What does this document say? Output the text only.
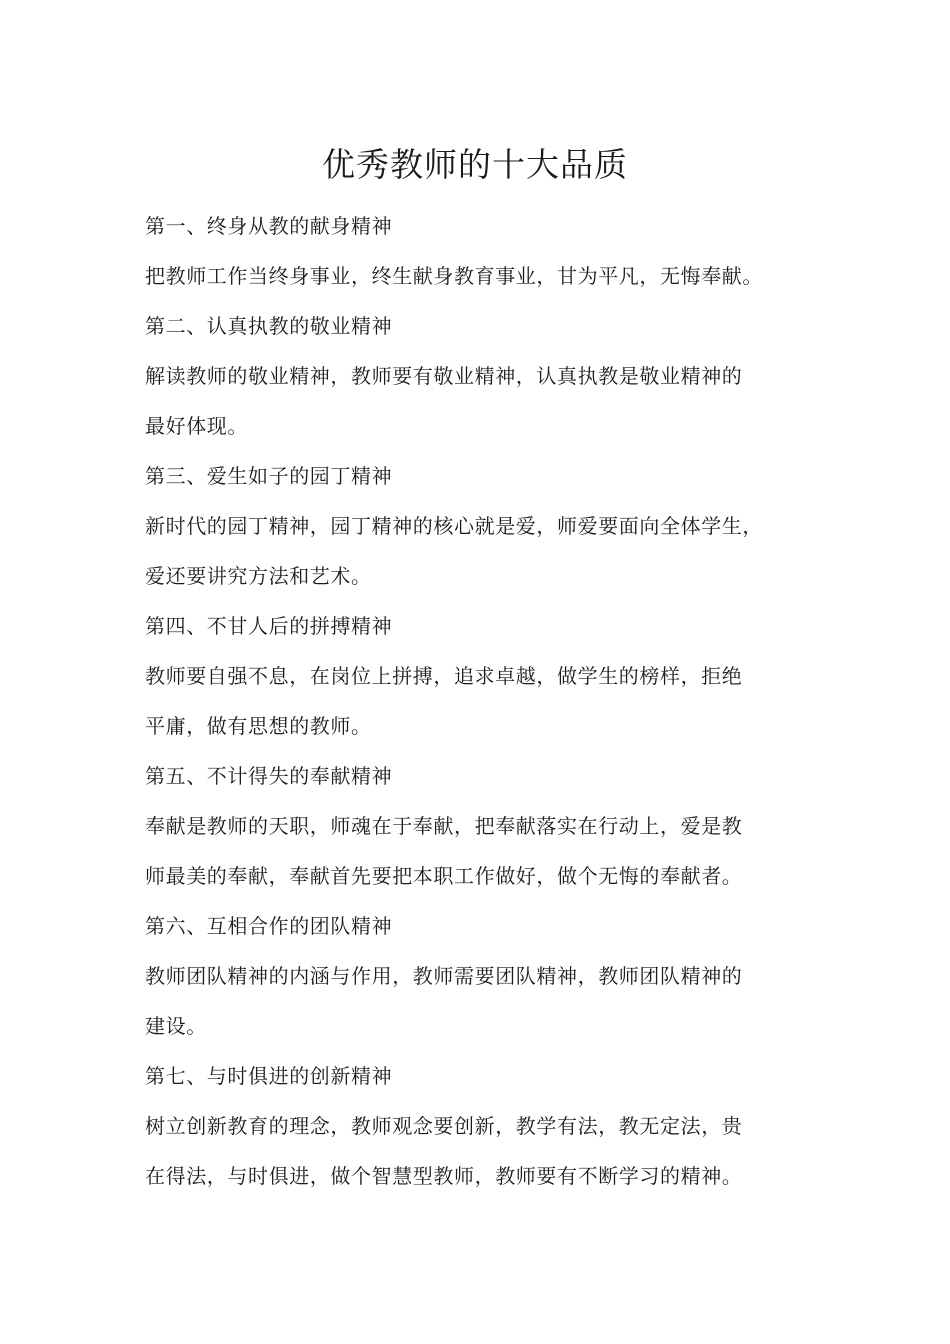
优秀教师的十大品质

第一、终身从教的献身精神

把教师工作当终身事业，终生献身教育事业，甘为平凡，无悔奉献。

第二、认真执教的敬业精神

解读教师的敬业精神，教师要有敬业精神，认真执教是敬业精神的

最好体现。

第三、爱生如子的园丁精神

新时代的园丁精神，园丁精神的核心就是爱，师爱要面向全体学生，

爱还要讲究方法和艺术。

第四、不甘人后的拼搏精神

教师要自强不息，在岗位上拼搏，追求卓越，做学生的榜样，拒绝

平庸，做有思想的教师。

第五、不计得失的奉献精神

奉献是教师的天职，师魂在于奉献，把奉献落实在行动上，爱是教

师最美的奉献，奉献首先要把本职工作做好，做个无悔的奉献者。

第六、互相合作的团队精神

教师团队精神的内涵与作用，教师需要团队精神，教师团队精神的

建设。

第七、与时俱进的创新精神

树立创新教育的理念，教师观念要创新，教学有法，教无定法，贵

在得法，与时俱进，做个智慧型教师，教师要有不断学习的精神。
